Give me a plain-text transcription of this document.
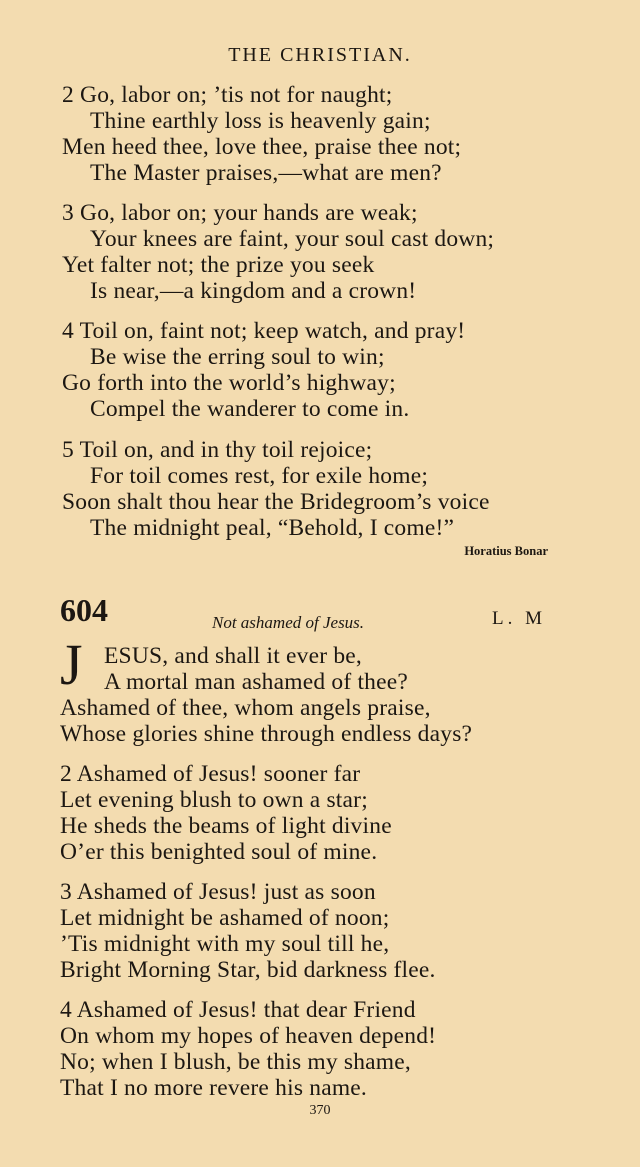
THE CHRISTIAN.
2 Go, labor on; ’tis not for naught;
Thine earthly loss is heavenly gain;
Men heed thee, love thee, praise thee not;
The Master praises,—what are men?
3 Go, labor on; your hands are weak;
Your knees are faint, your soul cast down;
Yet falter not; the prize you seek
Is near,—a kingdom and a crown!
4 Toil on, faint not; keep watch, and pray!
Be wise the erring soul to win;
Go forth into the world’s highway;
Compel the wanderer to come in.
5 Toil on, and in thy toil rejoice;
For toil comes rest, for exile home;
Soon shalt thou hear the Bridegroom’s voice
The midnight peal, “Behold, I come!”
Horatius Bonar
604	Not ashamed of Jesus.	L. M
J ESUS, and shall it ever be,
A mortal man ashamed of thee?
Ashamed of thee, whom angels praise,
Whose glories shine through endless days?
2 Ashamed of Jesus! sooner far
Let evening blush to own a star;
He sheds the beams of light divine
O’er this benighted soul of mine.
3 Ashamed of Jesus! just as soon
Let midnight be ashamed of noon;
’Tis midnight with my soul till he,
Bright Morning Star, bid darkness flee.
4 Ashamed of Jesus! that dear Friend
On whom my hopes of heaven depend!
No; when I blush, be this my shame,
That I no more revere his name.
370
